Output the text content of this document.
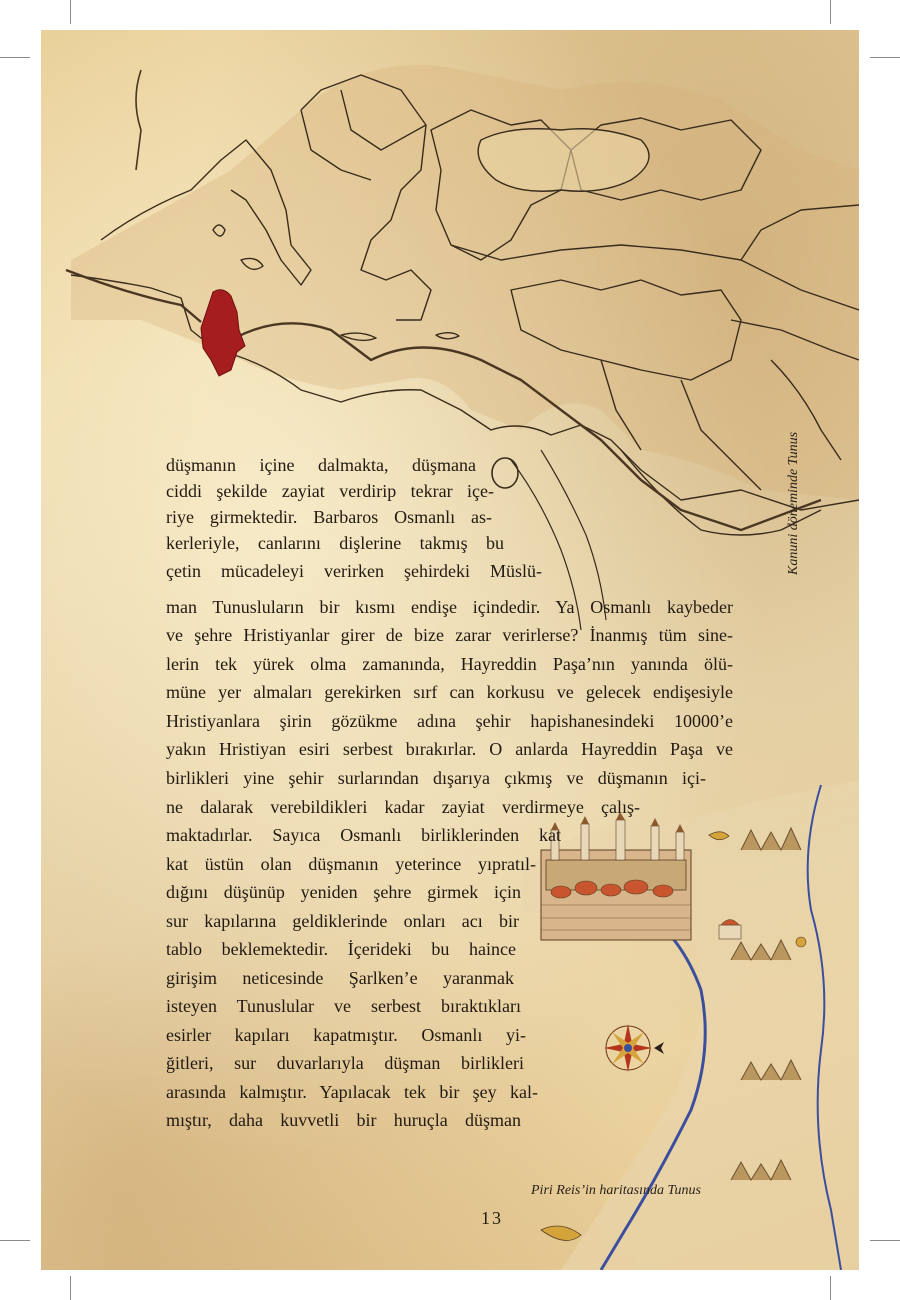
düşmanın içine dalmakta, düşmana
ciddi şekilde zayiat verdirip tekrar içe-
riye girmektedir. Barbaros Osmanlı as-
kerleriyle, canlarını dişlerine takmış bu
çetin mücadeleyi verirken şehirdeki Müslü-
man Tunusluların bir kısmı endişe içindedir. Ya Osmanlı kaybeder
ve şehre Hristiyanlar girer de bize zarar verirlerse? İnanmış tüm sine-
lerin tek yürek olma zamanında, Hayreddin Paşa’nın yanında ölü-
müne yer almaları gerekirken sırf can korkusu ve gelecek endişesiyle
Hristiyanlara şirin gözükme adına şehir hapishanesindeki 10000’e
yakın Hristiyan esiri serbest bırakırlar. O anlarda Hayreddin Paşa ve
birlikleri yine şehir surlarından dışarıya çıkmış ve düşmanın içi-
ne dalarak verebildikleri kadar zayiat verdirmeye çalış-
maktadırlar. Sayıca Osmanlı birliklerinden kat
kat üstün olan düşmanın yeterince yıpratıl-
dığını düşünüp yeniden şehre girmek için
sur kapılarına geldiklerinde onları acı bir
tablo beklemektedir. İçerideki bu haince
girişim neticesinde Şarlken’e yaranmak
isteyen Tunuslular ve serbest bıraktıkları
esirler kapıları kapatmıştır. Osmanlı yi-
ğitleri, sur duvarlarıyla düşman birlikleri
arasında kalmıştır. Yapılacak tek bir şey kal-
mıştır, daha kuvvetli bir huruçla düşman
Kanuni döneminde Tunus
Piri Reis’in haritasında Tunus
13
